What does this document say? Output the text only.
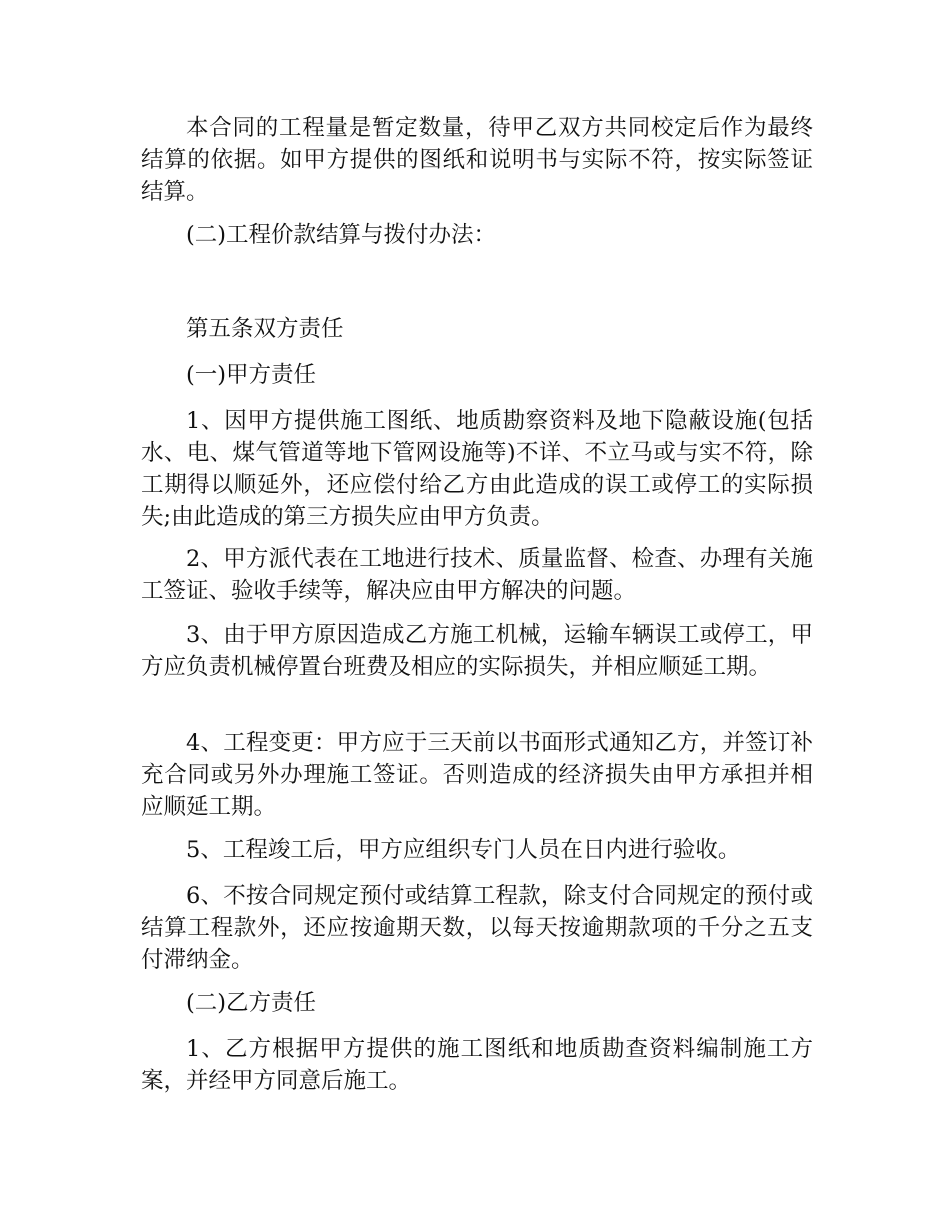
本合同的工程量是暂定数量，待甲乙双方共同校定后作为最终结算的依据。如甲方提供的图纸和说明书与实际不符，按实际签证结算。

(二)工程价款结算与拨付办法：

第五条双方责任

(一)甲方责任

1、因甲方提供施工图纸、地质勘察资料及地下隐蔽设施(包括水、电、煤气管道等地下管网设施等)不详、不立马或与实不符，除工期得以顺延外，还应偿付给乙方由此造成的误工或停工的实际损失;由此造成的第三方损失应由甲方负责。

2、甲方派代表在工地进行技术、质量监督、检查、办理有关施工签证、验收手续等，解决应由甲方解决的问题。

3、由于甲方原因造成乙方施工机械，运输车辆误工或停工，甲方应负责机械停置台班费及相应的实际损失，并相应顺延工期。

4、工程变更：甲方应于三天前以书面形式通知乙方，并签订补充合同或另外办理施工签证。否则造成的经济损失由甲方承担并相应顺延工期。

5、工程竣工后，甲方应组织专门人员在日内进行验收。

6、不按合同规定预付或结算工程款，除支付合同规定的预付或结算工程款外，还应按逾期天数，以每天按逾期款项的千分之五支付滞纳金。

(二)乙方责任

1、乙方根据甲方提供的施工图纸和地质勘查资料编制施工方案，并经甲方同意后施工。
